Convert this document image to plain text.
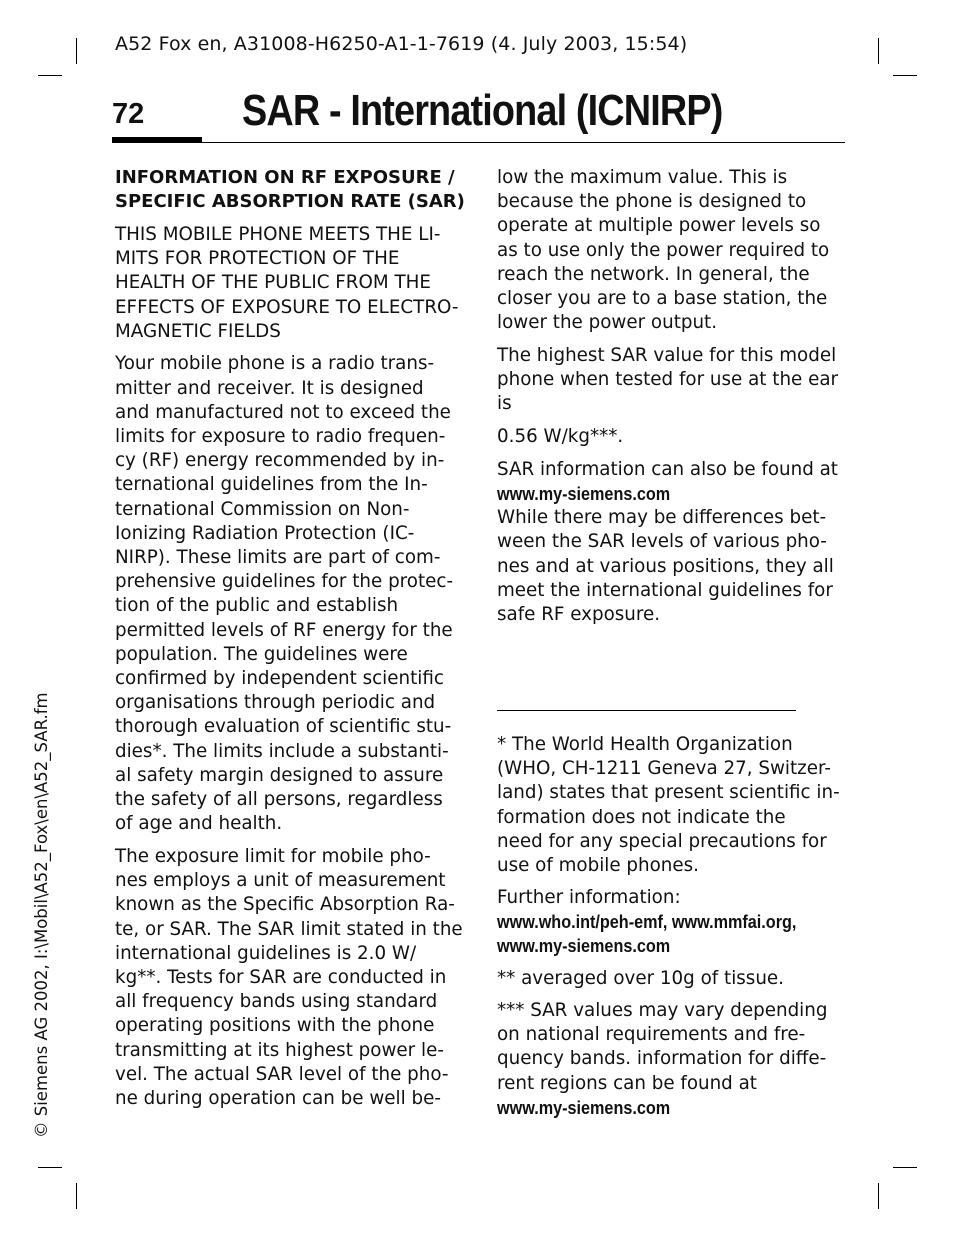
A52 Fox en, A31008-H6250-A1-1-7619 (4. July 2003, 15:54)
72 SAR - International (ICNIRP)

INFORMATION ON RF EXPOSURE / SPECIFIC ABSORPTION RATE (SAR)

THIS MOBILE PHONE MEETS THE LI-
MITS FOR PROTECTION OF THE
HEALTH OF THE PUBLIC FROM THE
EFFECTS OF EXPOSURE TO ELECTRO-
MAGNETIC FIELDS

Your mobile phone is a radio trans-
mitter and receiver. It is designed
and manufactured not to exceed the
limits for exposure to radio frequen-
cy (RF) energy recommended by in-
ternational guidelines from the In-
ternational Commission on Non-
Ionizing Radiation Protection (IC-
NIRP). These limits are part of com-
prehensive guidelines for the protec-
tion of the public and establish
permitted levels of RF energy for the
population. The guidelines were
confirmed by independent scientific
organisations through periodic and
thorough evaluation of scientific stu-
dies*. The limits include a substanti-
al safety margin designed to assure
the safety of all persons, regardless
of age and health.

The exposure limit for mobile pho-
nes employs a unit of measurement
known as the Specific Absorption Ra-
te, or SAR. The SAR limit stated in the
international guidelines is 2.0 W/
kg**. Tests for SAR are conducted in
all frequency bands using standard
operating positions with the phone
transmitting at its highest power le-
vel. The actual SAR level of the pho-
ne during operation can be well be-

low the maximum value. This is
because the phone is designed to
operate at multiple power levels so
as to use only the power required to
reach the network. In general, the
closer you are to a base station, the
lower the power output.

The highest SAR value for this model
phone when tested for use at the ear
is

0.56 W/kg***.

SAR information can also be found at
www.my-siemens.com
While there may be differences bet-
ween the SAR levels of various pho-
nes and at various positions, they all
meet the international guidelines for
safe RF exposure.

* The World Health Organization
(WHO, CH-1211 Geneva 27, Switzer-
land) states that present scientific in-
formation does not indicate the
need for any special precautions for
use of mobile phones.
Further information:
www.who.int/peh-emf, www.mmfai.org,
www.my-siemens.com
** averaged over 10g of tissue.
*** SAR values may vary depending
on national requirements and fre-
quency bands. information for diffe-
rent regions can be found at
www.my-siemens.com
© Siemens AG 2002, I:\Mobil\A52_Fox\en\A52_SAR.fm
